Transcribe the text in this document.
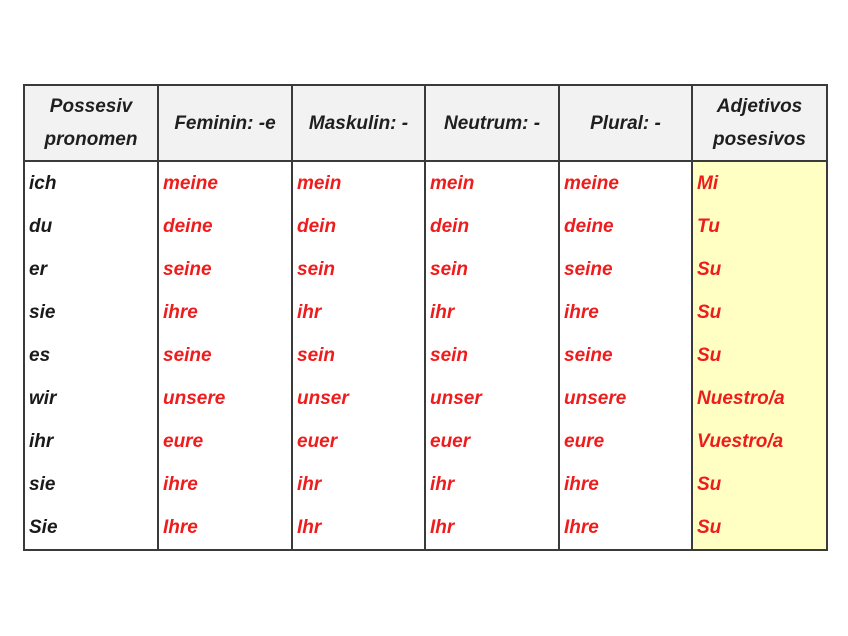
Possesiv pronomen	Feminin: -e	Maskulin: -	Neutrum: -	Plural: -	Adjetivos posesivos
ich	meine	mein	mein	meine	Mi
du	deine	dein	dein	deine	Tu
er	seine	sein	sein	seine	Su
sie	ihre	ihr	ihr	ihre	Su
es	seine	sein	sein	seine	Su
wir	unsere	unser	unser	unsere	Nuestro/a
ihr	eure	euer	euer	eure	Vuestro/a
sie	ihre	ihr	ihr	ihre	Su
Sie	Ihre	Ihr	Ihr	Ihre	Su
